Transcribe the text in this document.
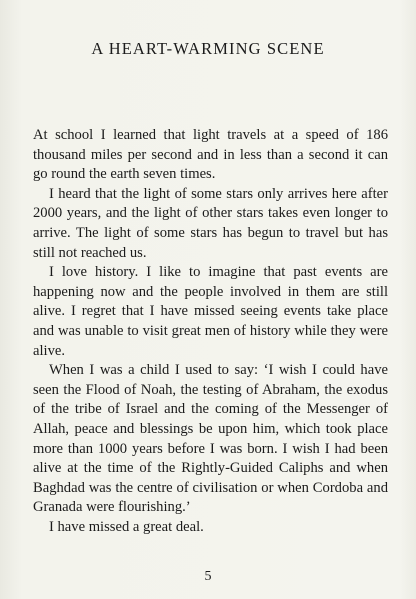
A HEART-WARMING SCENE

At school I learned that light travels at a speed of 186 thousand miles per second and in less than a second it can go round the earth seven times.

I heard that the light of some stars only arrives here after 2000 years, and the light of other stars takes even longer to arrive. The light of some stars has begun to travel but has still not reached us.

I love history. I like to imagine that past events are happening now and the people involved in them are still alive. I regret that I have missed seeing events take place and was unable to visit great men of history while they were alive.

When I was a child I used to say: ‘I wish I could have seen the Flood of Noah, the testing of Abraham, the exodus of the tribe of Israel and the coming of the Messenger of Allah, peace and blessings be upon him, which took place more than 1000 years before I was born. I wish I had been alive at the time of the Rightly-Guided Caliphs and when Baghdad was the centre of civilisation or when Cordoba and Granada were flourishing.’

I have missed a great deal.

5
